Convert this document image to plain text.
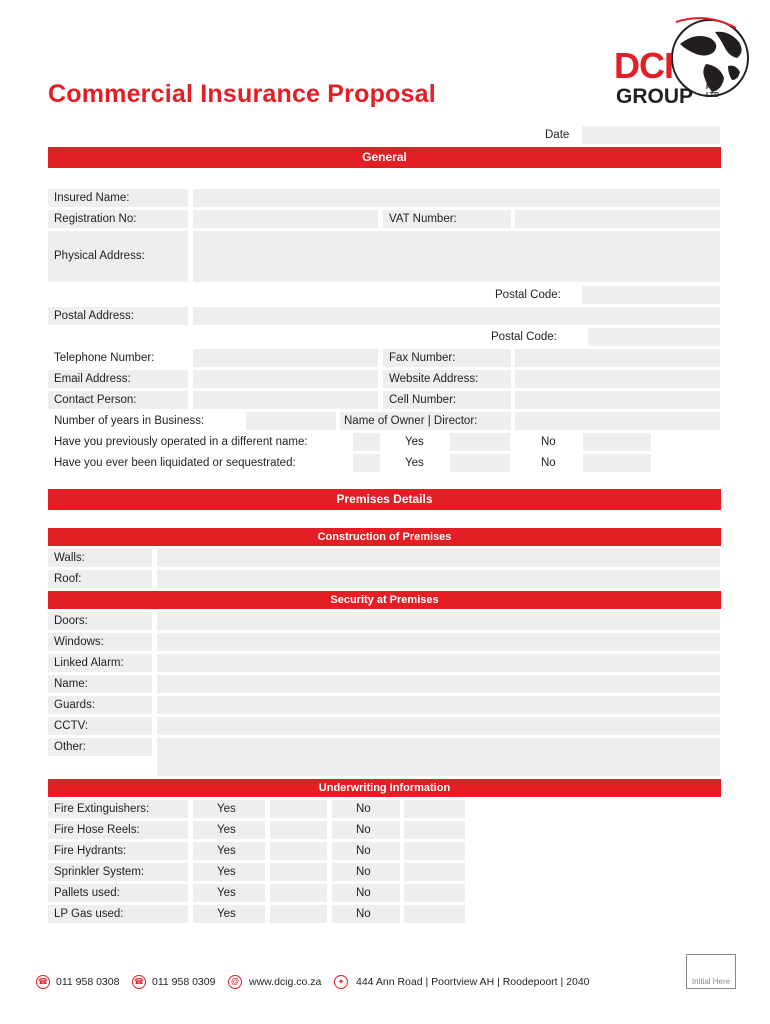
Commercial Insurance Proposal
DCI
GROUP PTY LTD
Date
General
Insured Name:
Registration No:	VAT Number:
Physical Address:
Postal Code:
Postal Address:
Postal Code:
Telephone Number:	Fax Number:
Email Address:	Website Address:
Contact Person:	Cell Number:
Number of years in Business:	Name of Owner | Director:
Have you previously operated in a different name:	Yes	No
Have you ever been liquidated or sequestrated:	Yes	No
Premises Details
Construction of Premises
Walls:
Roof:
Security at Premises
Doors:
Windows:
Linked Alarm:
Name:
Guards:
CCTV:
Other:
Underwriting Information
Fire Extinguishers:	Yes	No
Fire Hose Reels:	Yes	No
Fire Hydrants:	Yes	No
Sprinkler System:	Yes	No
Pallets used:	Yes	No
LP Gas used:	Yes	No
☎ 011 958 0308 ☎ 011 958 0309	@ www.dcig.co.za	⌖	444 Ann Road | Poortview AH | Roodepoort | 2040	Initial Here
